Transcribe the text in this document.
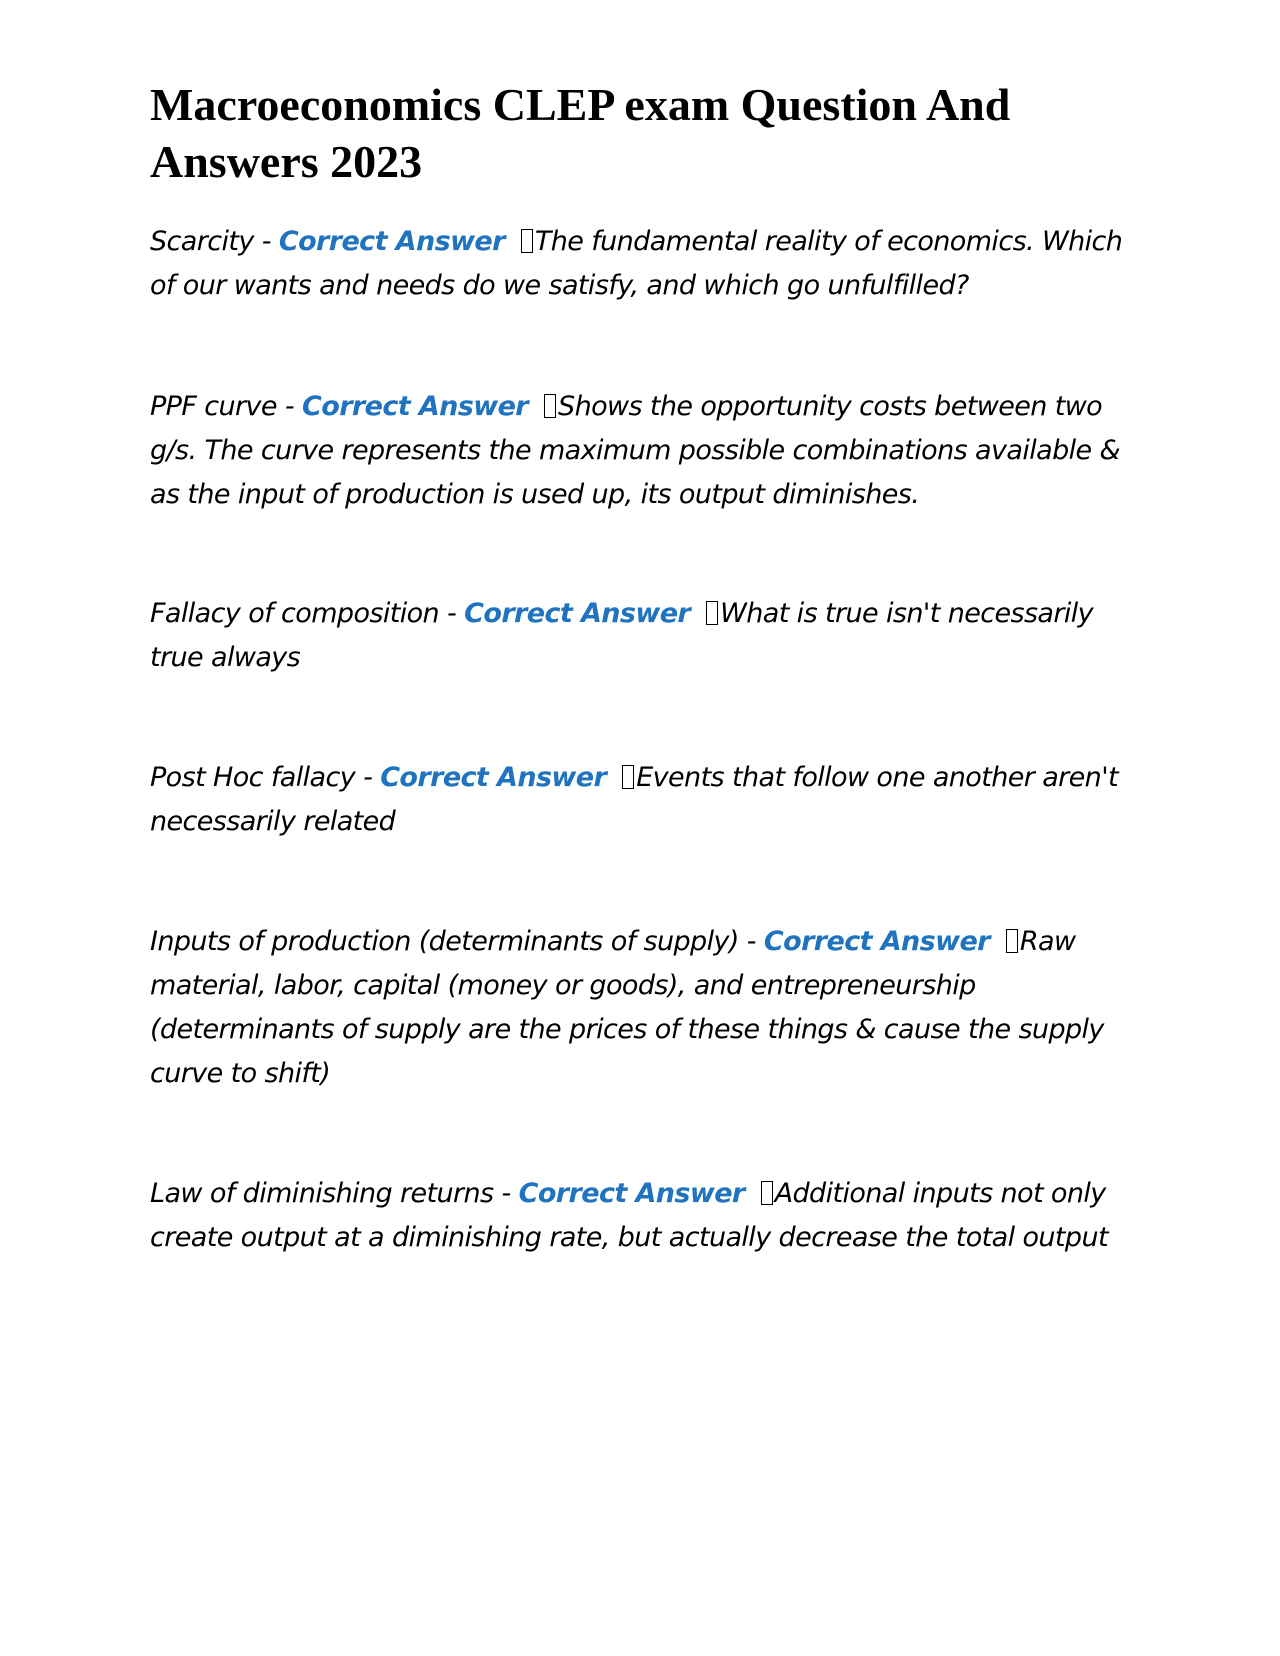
Macroeconomics CLEP exam Question And Answers 2023

Scarcity - Correct Answer The fundamental reality of economics. Which of our wants and needs do we satisfy, and which go unfulfilled?

PPF curve - Correct Answer Shows the opportunity costs between two g/s. The curve represents the maximum possible combinations available & as the input of production is used up, its output diminishes.

Fallacy of composition - Correct Answer What is true isn't necessarily true always

Post Hoc fallacy - Correct Answer Events that follow one another aren't necessarily related

Inputs of production (determinants of supply) - Correct Answer Raw material, labor, capital (money or goods), and entrepreneurship (determinants of supply are the prices of these things & cause the supply curve to shift)

Law of diminishing returns - Correct Answer Additional inputs not only create output at a diminishing rate, but actually decrease the total output
